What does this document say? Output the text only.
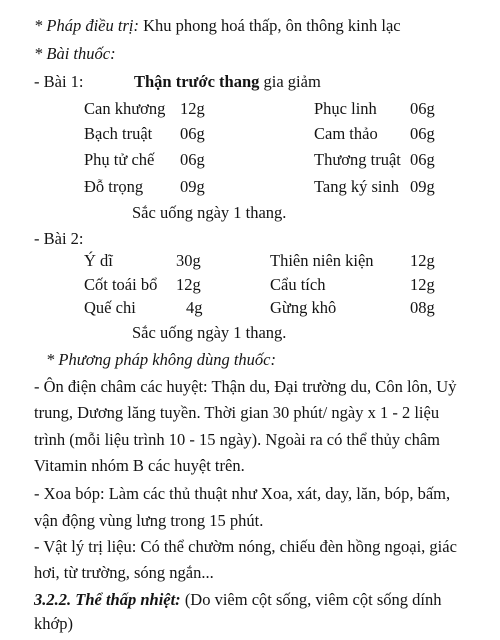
* Pháp điều trị: Khu phong hoá thấp, ôn thông kinh lạc
* Bài thuốc:
- Bài 1:	Thận trước thang gia giảm
Can khương 12g	Phục linh 06g
Bạch truật 06g	Cam thảo 06g
Phụ tử chế 06g	Thương truật 06g
Đỗ trọng 09g	Tang ký sinh 09g
Sắc uống ngày 1 thang.
- Bài 2:
Ý dĩ	30g	Thiên niên kiện 12g
Cốt toái bổ 12g	Cẩu tích	12g
Quế chi	4g	Gừng khô	08g
Sắc uống ngày 1 thang.
* Phương pháp không dùng thuốc:
- Ôn điện châm các huyệt: Thận du, Đại trường du, Côn lôn, Uỷ
trung, Dương lăng tuyền. Thời gian 30 phút/ ngày x 1 - 2 liệu
trình (mỗi liệu trình 10 - 15 ngày). Ngoài ra có thể thủy châm
Vitamin nhóm B các huyệt trên.
- Xoa bóp: Làm các thủ thuật như Xoa, xát, day, lăn, bóp, bấm,
vận động vùng lưng trong 15 phút.
- Vật lý trị liệu: Có thể chườm nóng, chiếu đèn hồng ngoại, giác
hơi, từ trường, sóng ngắn...
3.2.2. Thể thấp nhiệt: (Do viêm cột sống, viêm cột sống dính
khớp)
